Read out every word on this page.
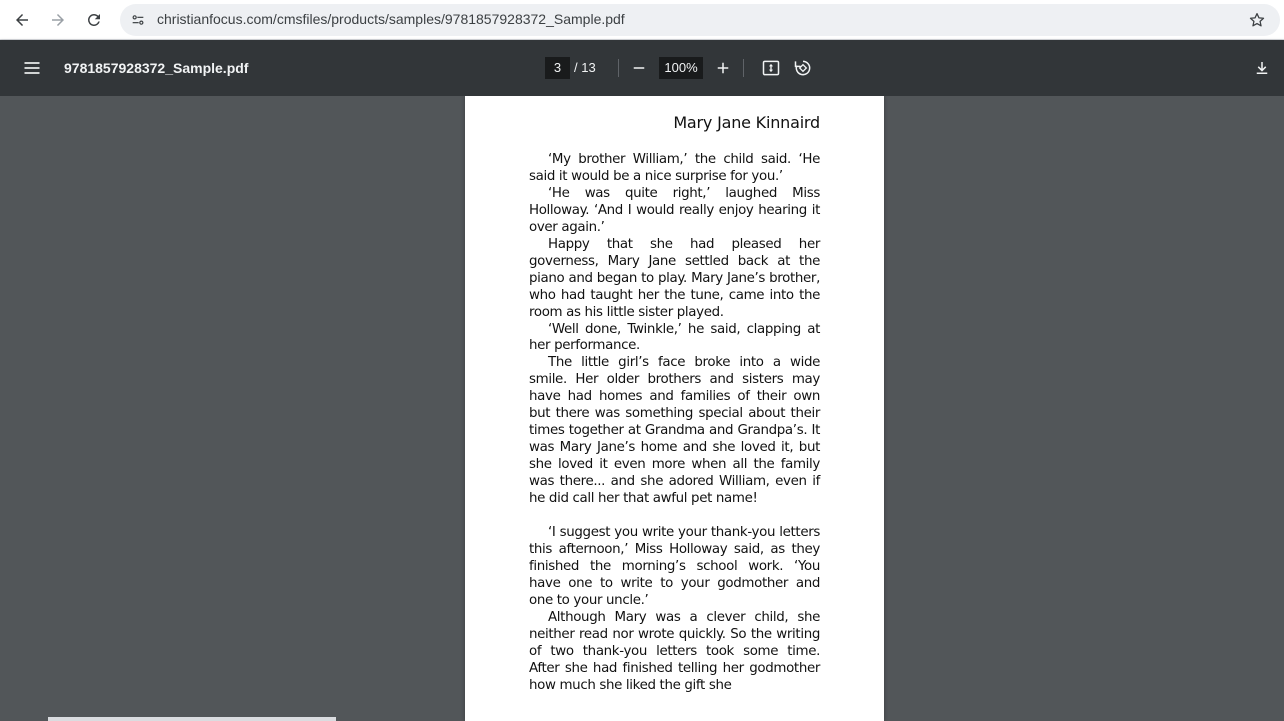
christianfocus.com/cmsfiles/products/samples/9781857928372_Sample.pdf
9781857928372_Sample.pdf	3 / 13	100%
Mary Jane Kinnaird

‘My brother William,’ the child said. ‘He said it would be a nice surprise for you.’

‘He was quite right,’ laughed Miss Holloway. ‘And I would really enjoy hearing it over again.’

Happy that she had pleased her governess, Mary Jane settled back at the piano and began to play. Mary Jane’s brother, who had taught her the tune, came into the room as his little sister played.

‘Well done, Twinkle,’ he said, clapping at her performance.

The little girl’s face broke into a wide smile. Her older brothers and sisters may have had homes and families of their own but there was something special about their times together at Grandma and Grandpa’s. It was Mary Jane’s home and she loved it, but she loved it even more when all the family was there... and she adored William, even if he did call her that awful pet name!

‘I suggest you write your thank-you letters this afternoon,’ Miss Holloway said, as they finished the morning’s school work. ‘You have one to write to your godmother and one to your uncle.’

Although Mary was a clever child, she neither read nor wrote quickly. So the writing of two thank-you letters took some time. After she had finished telling her godmother how much she liked the gift she
